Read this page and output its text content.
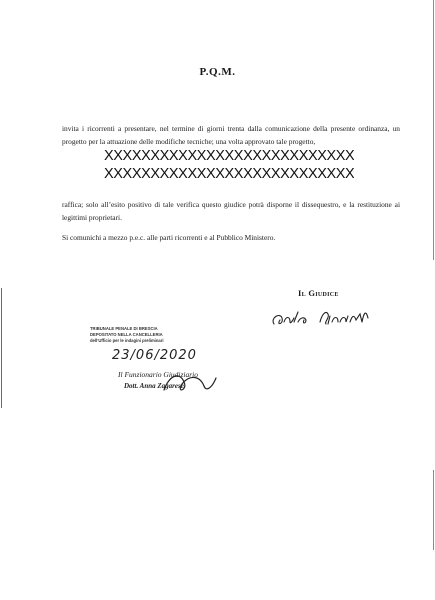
P.Q.M.
invita i ricorrenti a presentare, nel termine di giorni trenta dalla comunicazione della presente ordinanza, un progetto per la attuazione delle modifiche tecniche; una volta approvato tale progetto,
XXXXXXXXXXXXXXXXXXXXXXXXXXX
XXXXXXXXXXXXXXXXXXXXXXXXXXX
raffica; solo all’esito positivo di tale verifica questo giudice potrà disporne il dissequestro, e la restituzione ai legittimi proprietari.
Si comunichi a mezzo p.e.c. alle parti ricorrenti e al Pubblico Ministero.
Il Giudice
TRIBUNALE PENALE DI BRESCIA
DEPOSITATO NELLA CANCELLERIA
dell’Ufficio per le indagini preliminari
23/06/2020
Il Funzionario Giudiziario
Dott. Anna Zagarese
